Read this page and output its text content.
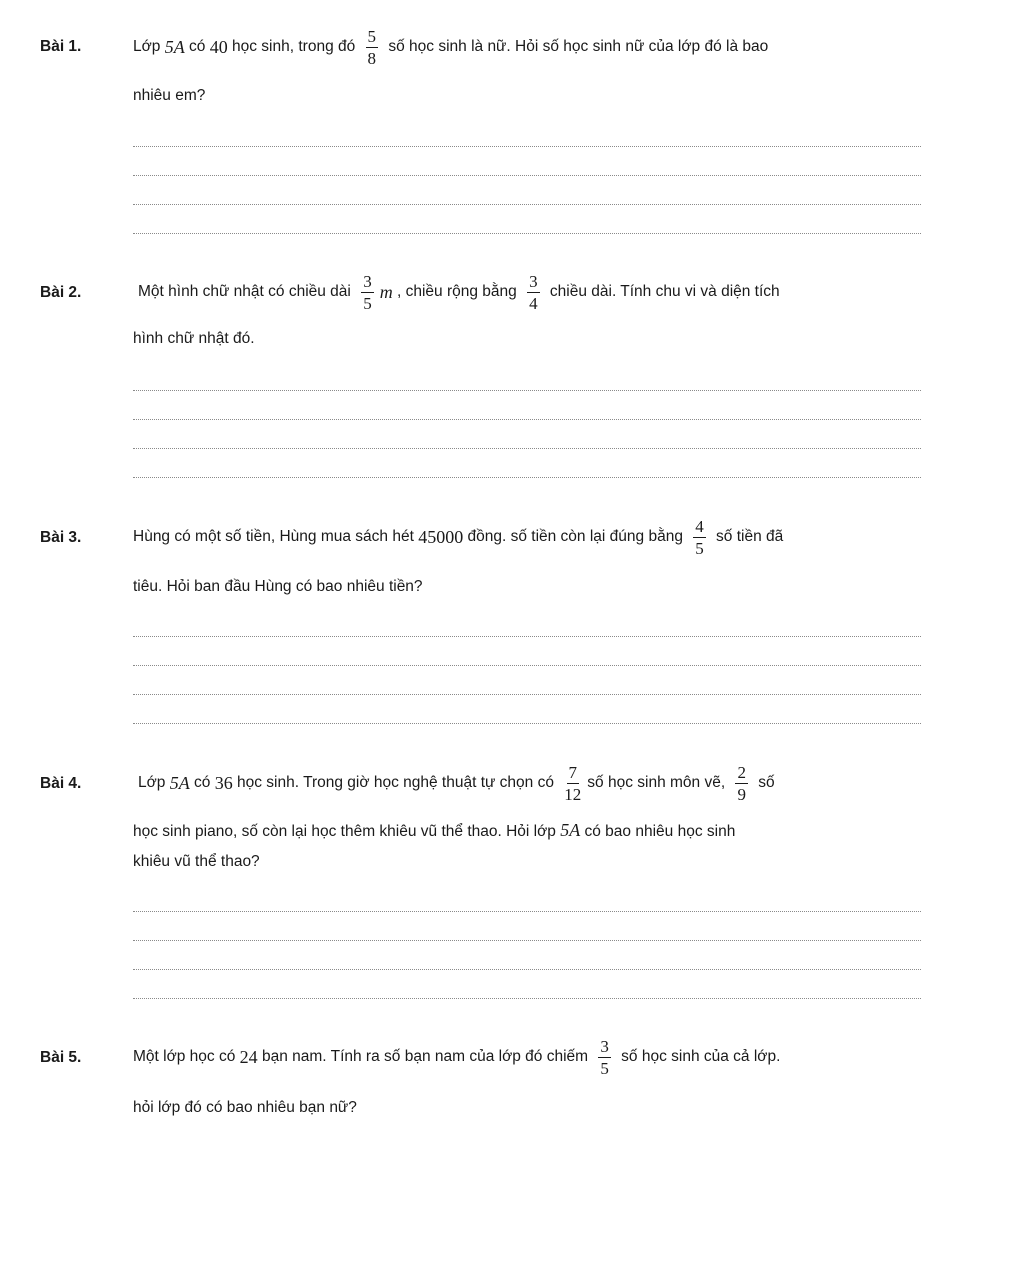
Bài 1.	Lớp 5A có 40 học sinh, trong đó $\frac{5}{8}$ số học sinh là nữ. Hỏi số học sinh nữ của lớp đó là bao
nhiêu em?
Bài 2.	Một hình chữ nhật có chiều dài $\frac{3}{5}$ m , chiều rộng bằng $\frac{3}{4}$ chiều dài. Tính chu vi và diện tích
hình chữ nhật đó.
Bài 3.	Hùng có một số tiền, Hùng mua sách hét 45000 đồng. số tiền còn lại đúng bằng $\frac{4}{5}$ số tiền đã
tiêu. Hỏi ban đầu Hùng có bao nhiêu tiền?
Bài 4.	Lớp 5A có 36 học sinh. Trong giờ học nghệ thuật tự chọn có $\frac{7}{12}$ số học sinh môn vẽ, $\frac{2}{9}$ số
học sinh piano, số còn lại học thêm khiêu vũ thể thao. Hỏi lớp 5A có bao nhiêu học sinh
khiêu vũ thể thao?
Bài 5.	Một lớp học có 24 bạn nam. Tính ra số bạn nam của lớp đó chiếm $\frac{3}{5}$ số học sinh của cả lớp.
hỏi lớp đó có bao nhiêu bạn nữ?
